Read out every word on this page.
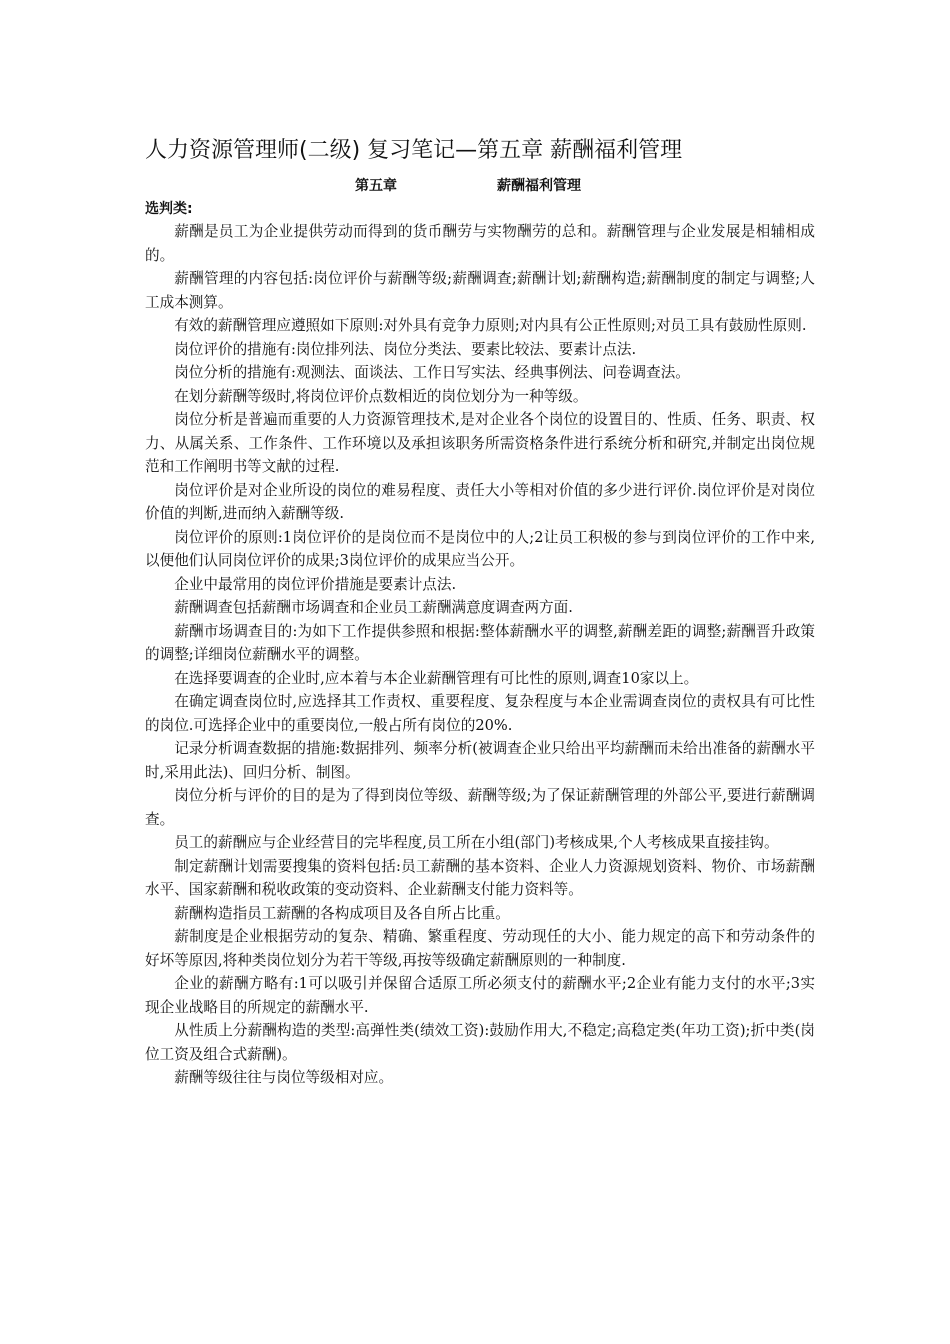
人力资源管理师(二级) 复习笔记—第五章 薪酬福利管理
第五章	薪酬福利管理
选判类:

薪酬是员工为企业提供劳动而得到的货币酬劳与实物酬劳的总和。薪酬管理与企业发展是相辅相成的。

薪酬管理的内容包括:岗位评价与薪酬等级;薪酬调查;薪酬计划;薪酬构造;薪酬制度的制定与调整;人工成本测算。

有效的薪酬管理应遵照如下原则:对外具有竞争力原则;对内具有公正性原则;对员工具有鼓励性原则.

岗位评价的措施有:岗位排列法、岗位分类法、要素比较法、要素计点法.

岗位分析的措施有:观测法、面谈法、工作日写实法、经典事例法、问卷调查法。

在划分薪酬等级时,将岗位评价点数相近的岗位划分为一种等级。

岗位分析是普遍而重要的人力资源管理技术,是对企业各个岗位的设置目的、性质、任务、职责、权力、从属关系、工作条件、工作环境以及承担该职务所需资格条件进行系统分析和研究,并制定出岗位规范和工作阐明书等文献的过程.

岗位评价是对企业所设的岗位的难易程度、责任大小等相对价值的多少进行评价.岗位评价是对岗位价值的判断,进而纳入薪酬等级.

岗位评价的原则:1岗位评价的是岗位而不是岗位中的人;2让员工积极的参与到岗位评价的工作中来,以便他们认同岗位评价的成果;3岗位评价的成果应当公开。

企业中最常用的岗位评价措施是要素计点法.

薪酬调查包括薪酬市场调查和企业员工薪酬满意度调查两方面.

薪酬市场调查目的:为如下工作提供参照和根据:整体薪酬水平的调整,薪酬差距的调整;薪酬晋升政策的调整;详细岗位薪酬水平的调整。

在选择要调查的企业时,应本着与本企业薪酬管理有可比性的原则,调查10家以上。

在确定调查岗位时,应选择其工作责权、重要程度、复杂程度与本企业需调查岗位的责权具有可比性的岗位.可选择企业中的重要岗位,一般占所有岗位的20%.

记录分析调查数据的措施:数据排列、频率分析(被调查企业只给出平均薪酬而未给出准备的薪酬水平时,采用此法)、回归分析、制图。

岗位分析与评价的目的是为了得到岗位等级、薪酬等级;为了保证薪酬管理的外部公平,要进行薪酬调查。

员工的薪酬应与企业经营目的完毕程度,员工所在小组(部门)考核成果,个人考核成果直接挂钩。

制定薪酬计划需要搜集的资料包括:员工薪酬的基本资料、企业人力资源规划资料、物价、市场薪酬水平、国家薪酬和税收政策的变动资料、企业薪酬支付能力资料等。

薪酬构造指员工薪酬的各构成项目及各自所占比重。

薪制度是企业根据劳动的复杂、精确、繁重程度、劳动现任的大小、能力规定的高下和劳动条件的好坏等原因,将种类岗位划分为若干等级,再按等级确定薪酬原则的一种制度.

企业的薪酬方略有:1可以吸引并保留合适原工所必须支付的薪酬水平;2企业有能力支付的水平;3实现企业战略目的所规定的薪酬水平.

从性质上分薪酬构造的类型:高弹性类(绩效工资):鼓励作用大,不稳定;高稳定类(年功工资);折中类(岗位工资及组合式薪酬)。

薪酬等级往往与岗位等级相对应。
